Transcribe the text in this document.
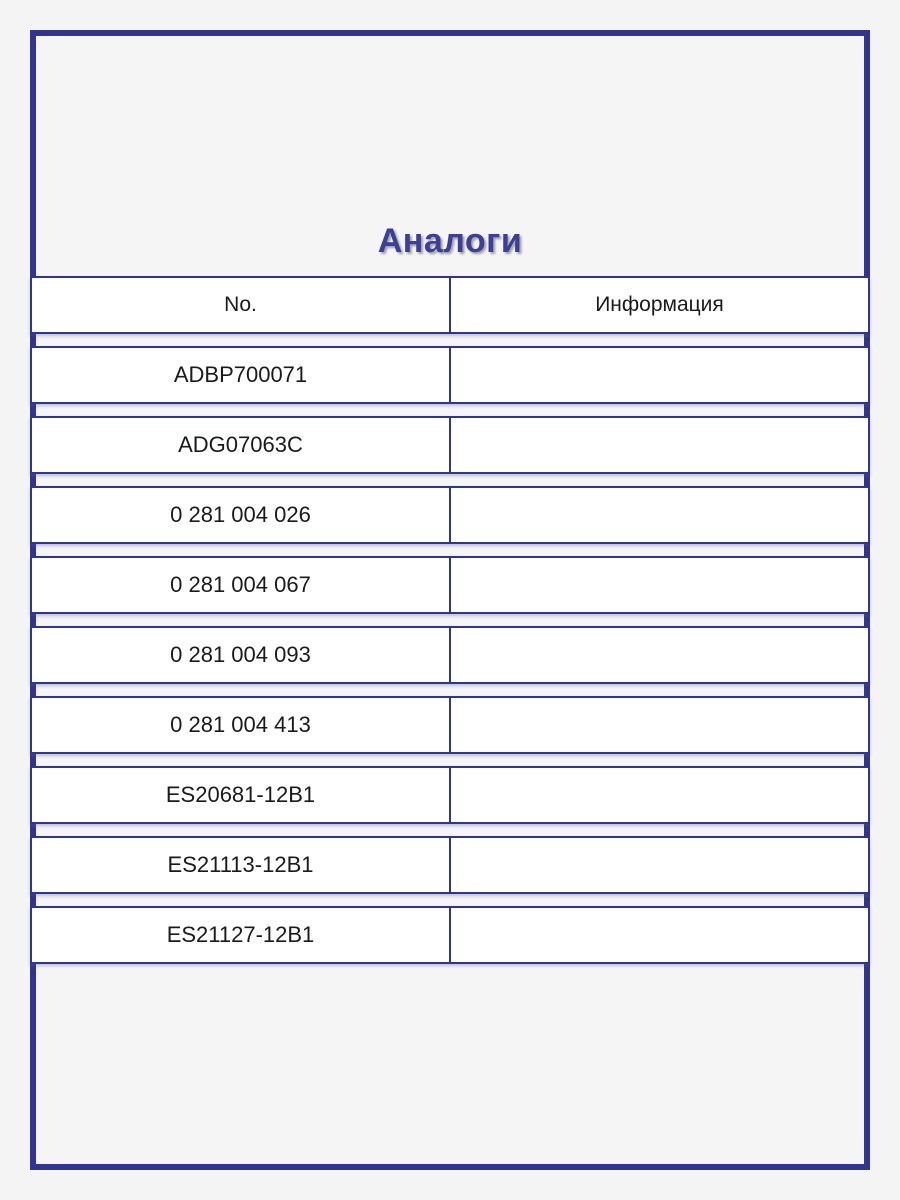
Аналоги
No.	Информация
ADBP700071
ADG07063C
0 281 004 026
0 281 004 067
0 281 004 093
0 281 004 413
ES20681-12B1
ES21113-12B1
ES21127-12B1
